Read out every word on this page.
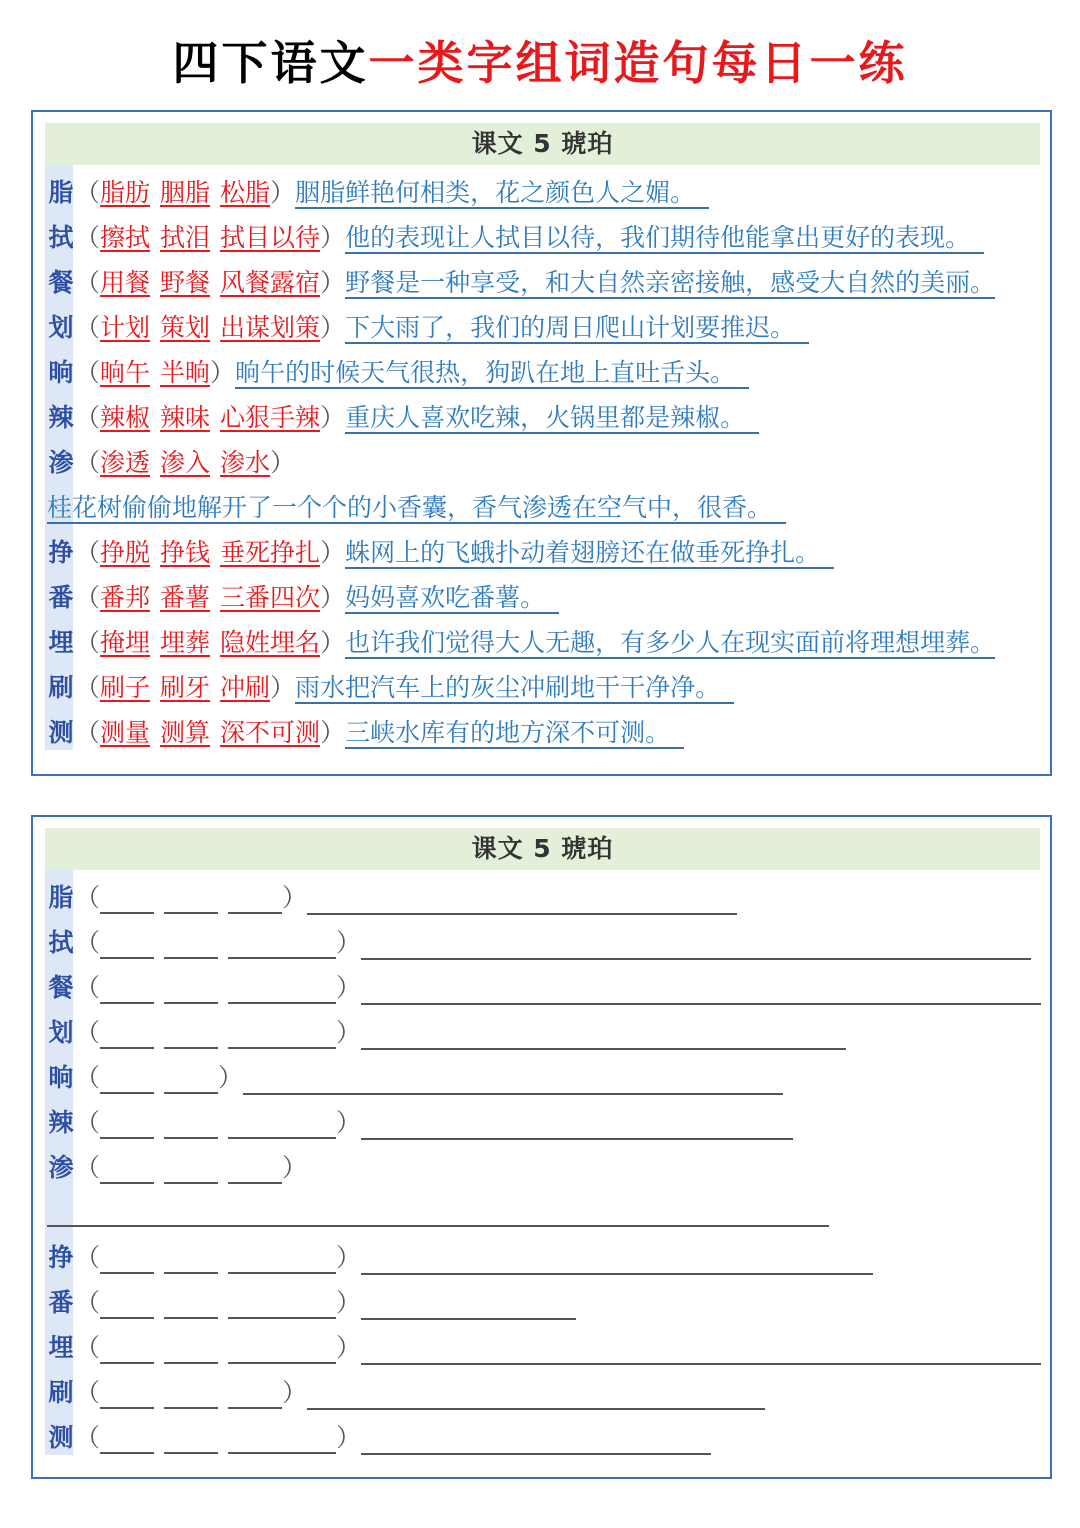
四下语文一类字组词造句每日一练
课文 5 琥珀
脂（脂肪 胭脂 松脂）胭脂鲜艳何相类，花之颜色人之媚。
拭（擦拭 拭泪 拭目以待）他的表现让人拭目以待，我们期待他能拿出更好的表现。
餐（用餐 野餐 风餐露宿）野餐是一种享受，和大自然亲密接触，感受大自然的美丽。
划（计划 策划 出谋划策）下大雨了，我们的周日爬山计划要推迟。
晌（晌午 半晌）晌午的时候天气很热，狗趴在地上直吐舌头。
辣（辣椒 辣味 心狠手辣）重庆人喜欢吃辣，火锅里都是辣椒。
渗（渗透 渗入 渗水）
桂花树偷偷地解开了一个个的小香囊，香气渗透在空气中，很香。
挣（挣脱 挣钱 垂死挣扎）蛛网上的飞蛾扑动着翅膀还在做垂死挣扎。
番（番邦 番薯 三番四次）妈妈喜欢吃番薯。
埋（掩埋 埋葬 隐姓埋名）也许我们觉得大人无趣，有多少人在现实面前将理想埋葬。
刷（刷子 刷牙 冲刷）雨水把汽车上的灰尘冲刷地干干净净。
测（测量 测算 深不可测）三峡水库有的地方深不可测。
课文 5 琥珀
脂（	）
拭（	）
餐（	）
划（	）
晌（	）
辣（	）
渗（	）
挣（	）
番（	）
埋（	）
刷（	）
测（	）
